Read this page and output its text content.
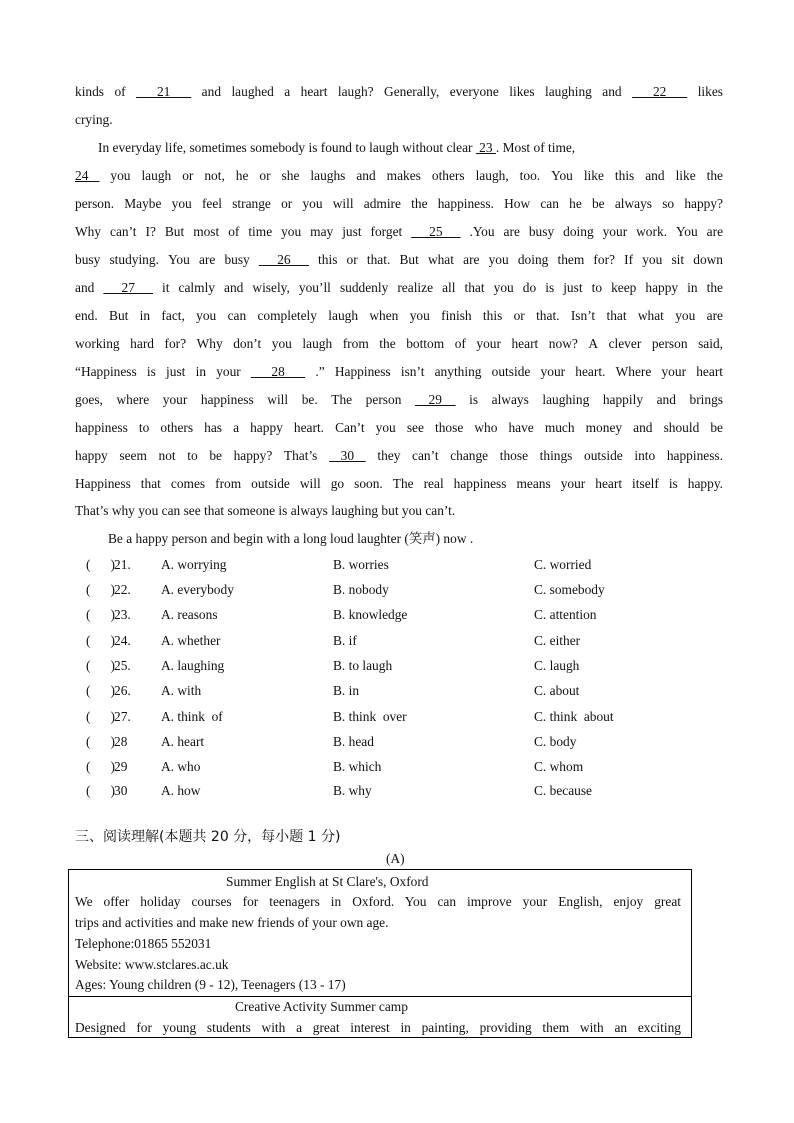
kinds of   21   and laughed a heart laugh? Generally, everyone likes laughing and   22   likes
crying.
In everyday life, sometimes somebody is found to laugh without clear  23 . Most of time,
24  you laugh or not, he or she laughs and makes others laugh, too. You like this and like the
person. Maybe you feel strange or you will admire the happiness. How can he be always so happy?
Why can’t I? But most of time you may just forget   25   .You are busy doing your work. You are
busy studying. You are busy   26   this or that. But what are you doing them for? If you sit down
and   27   it calmly and wisely, you’ll suddenly realize all that you do is just to keep happy in the
end. But in fact, you can completely laugh when you finish this or that. Isn’t that what you are
working hard for? Why don’t you laugh from the bottom of your heart now? A clever person said,
“Happiness is just in your   28   .” Happiness isn’t anything outside your heart. Where your heart
goes, where your happiness will be. The person  29  is always laughing happily and brings
happiness to others has a happy heart. Can’t you see those who have much money and should be
happy seem not to be happy? That’s  30  they can’t change those things outside into happiness.
Happiness that comes from outside will go soon. The real happiness means your heart itself is happy.
That’s why you can see that someone is always laughing but you can’t.
Be a happy person and begin with a long loud laughter (笑声) now .
(      )
21. A. worrying	B. worries	C. worried
(      )
22. A. everybody	B. nobody	C. somebody
(      )
23. A. reasons	B. knowledge	C. attention
(      )
24. A. whether	B. if	C. either
(      )
25. A. laughing	B. to laugh	C. laugh
(      )
26. A. with	B. in	C. about
(      )
27. A. think  of	B. think  over	C. think  about
(      )
28	A. heart	B. head	C. body
(      )
29	A. who	B. which	C. whom
(      )
30	A. how	B. why	C. because
三、阅读理解(本题共 20 分，每小题 1 分)
(A)
Summer English at St Clare's, Oxford
We offer holiday courses for teenagers in Oxford. You can improve your English, enjoy great
trips and activities and make new friends of your own age.
Telephone:01865 552031
Website: www.stclares.ac.uk
Ages: Young children (9 - 12), Teenagers (13 - 17)
Creative Activity Summer camp
Designed for young students with a great interest in painting, providing them with an exciting
